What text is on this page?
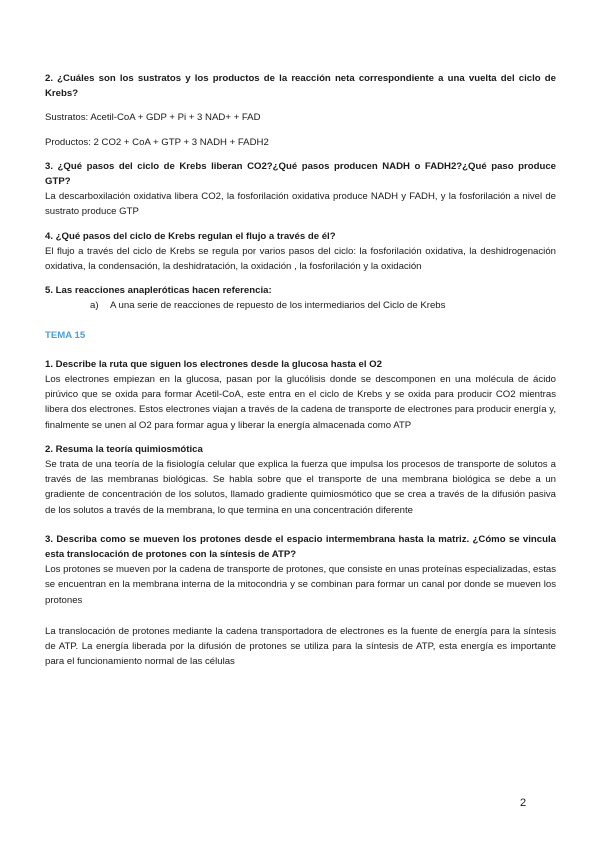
2. ¿Cuáles son los sustratos y los productos de la reacción neta correspondiente a una vuelta del ciclo de Krebs?

Sustratos: Acetil-CoA + GDP + Pi + 3 NAD+ + FAD

Productos: 2 CO2 + CoA + GTP + 3 NADH + FADH2

3. ¿Qué pasos del ciclo de Krebs liberan CO2?¿Qué pasos producen NADH o FADH2?¿Qué paso produce GTP?

La descarboxilación oxidativa libera CO2, la fosforilación oxidativa produce NADH y FADH, y la fosforilación a nivel de sustrato produce GTP

4. ¿Qué pasos del ciclo de Krebs regulan el flujo a través de él?

El flujo a través del ciclo de Krebs se regula por varios pasos del ciclo: la fosforilación oxidativa, la deshidrogenación oxidativa, la condensación, la deshidratación, la oxidación , la fosforilación y la oxidación

5. Las reacciones anapleróticas hacen referencia:

a) A una serie de reacciones de repuesto de los intermediarios del Ciclo de Krebs

TEMA 15

1. Describe la ruta que siguen los electrones desde la glucosa hasta el O2

Los electrones empiezan en la glucosa, pasan por la glucólisis donde se descomponen en una molécula de ácido pirúvico que se oxida para formar Acetil-CoA, este entra en el ciclo de Krebs y se oxida para producir CO2 mientras libera dos electrones. Estos electrones viajan a través de la cadena de transporte de electrones para producir energía y, finalmente se unen al O2 para formar agua y liberar la energía almacenada como ATP

2. Resuma la teoría quimiosmótica

Se trata de una teoría de la fisiología celular que explica la fuerza que impulsa los procesos de transporte de solutos a través de las membranas biológicas. Se habla sobre que el transporte de una membrana biológica se debe a un gradiente de concentración de los solutos, llamado gradiente quimiosmótico que se crea a través de la difusión pasiva de los solutos a través de la membrana, lo que termina en una concentración diferente

3. Describa como se mueven los protones desde el espacio intermembrana hasta la matriz. ¿Cómo se vincula esta translocación de protones con la síntesis de ATP?

Los protones se mueven por la cadena de transporte de protones, que consiste en unas proteínas especializadas, estas se encuentran en la membrana interna de la mitocondria y se combinan para formar un canal por donde se mueven los protones

La translocación de protones mediante la cadena transportadora de electrones es la fuente de energía para la síntesis de ATP. La energía liberada por la difusión de protones se utiliza para la síntesis de ATP, esta energía es importante para el funcionamiento normal de las células

2
